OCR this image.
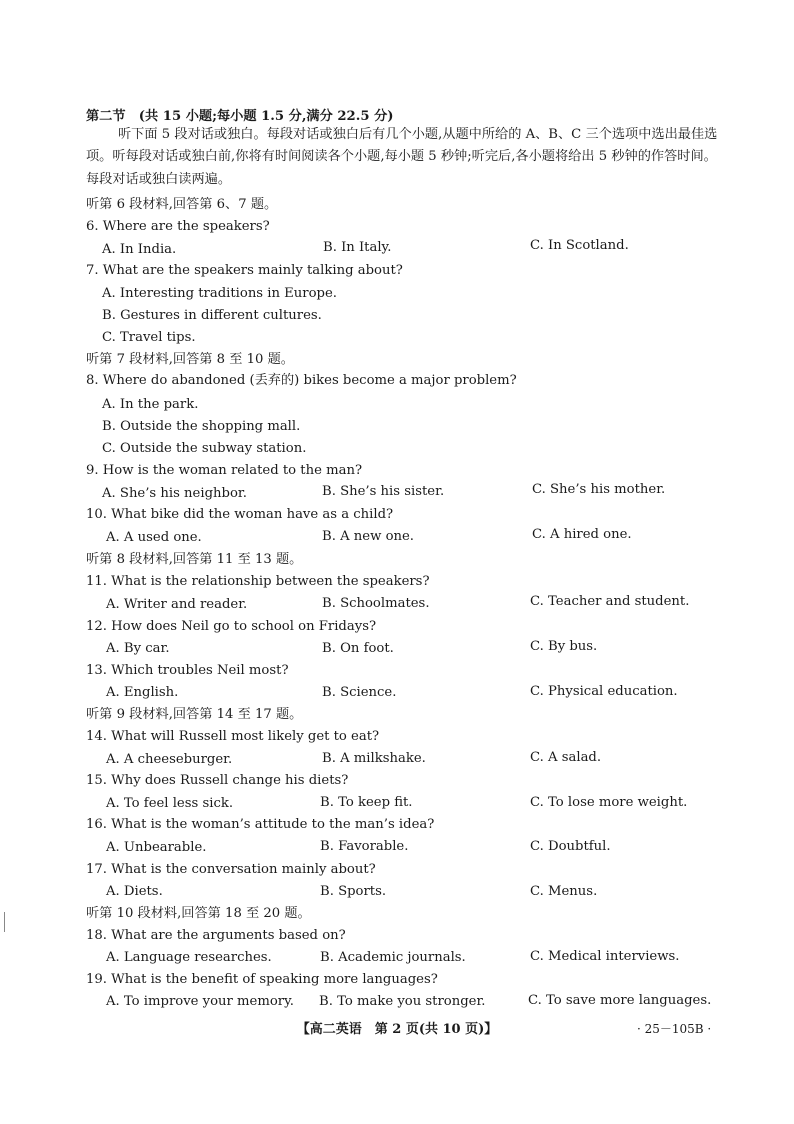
第二节　(共 15 小题;每小题 1.5 分,满分 22.5 分)
听下面 5 段对话或独白。每段对话或独白后有几个小题,从题中所给的 A、B、C 三个选项中选出最佳选项。听每段对话或独白前,你将有时间阅读各个小题,每小题 5 秒钟;听完后,各小题将给出 5 秒钟的作答时间。每段对话或独白读两遍。
听第 6 段材料,回答第 6、7 题。
6. Where are the speakers?
A. In India.	B. In Italy.	C. In Scotland.
7. What are the speakers mainly talking about?
A. Interesting traditions in Europe.
B. Gestures in different cultures.
C. Travel tips.
听第 7 段材料,回答第 8 至 10 题。
8. Where do abandoned (丢弃的) bikes become a major problem?
A. In the park.
B. Outside the shopping mall.
C. Outside the subway station.
9. How is the woman related to the man?
A. She’s his neighbor.	B. She’s his sister.	C. She’s his mother.
10. What bike did the woman have as a child?
A. A used one.	B. A new one.	C. A hired one.
听第 8 段材料,回答第 11 至 13 题。
11. What is the relationship between the speakers?
A. Writer and reader.	B. Schoolmates.	C. Teacher and student.
12. How does Neil go to school on Fridays?
A. By car.	B. On foot.	C. By bus.
13. Which troubles Neil most?
A. English.	B. Science.	C. Physical education.
听第 9 段材料,回答第 14 至 17 题。
14. What will Russell most likely get to eat?
A. A cheeseburger.	B. A milkshake.	C. A salad.
15. Why does Russell change his diets?
A. To feel less sick.	B. To keep fit.	C. To lose more weight.
16. What is the woman’s attitude to the man’s idea?
A. Unbearable.	B. Favorable.	C. Doubtful.
17. What is the conversation mainly about?
A. Diets.	B. Sports.	C. Menus.
听第 10 段材料,回答第 18 至 20 题。
18. What are the arguments based on?
A. Language researches.	B. Academic journals.	C. Medical interviews.
19. What is the benefit of speaking more languages?
A. To improve your memory. B. To make you stronger.	C. To save more languages.
【高二英语　第 2 页(共 10 页)】	· 25－105B ·
